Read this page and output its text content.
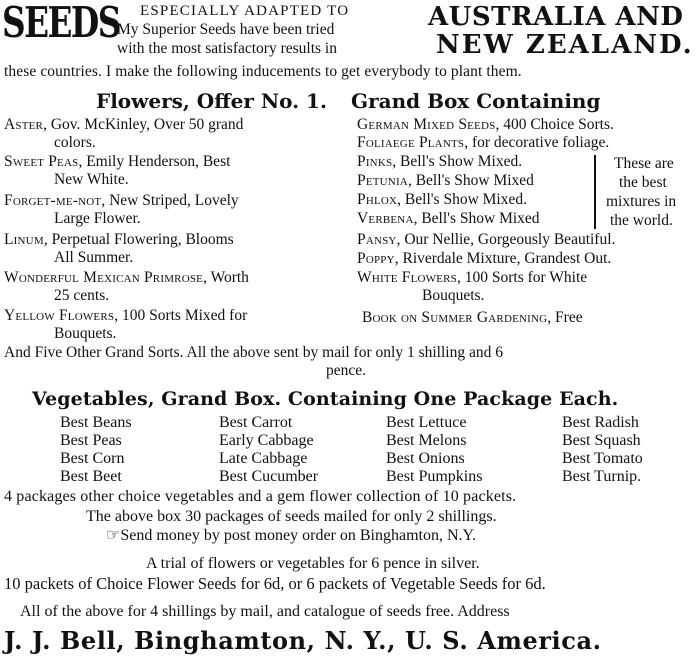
SEEDS ESPECIALLY ADAPTED TO
My Superior Seeds have been tried
with the most satisfactory results in
AUSTRALIA AND
NEW ZEALAND.
these countries. I make the following inducements to get everybody to plant them.
Flowers, Offer No. 1. Grand Box Containing
Aster, Gov. McKinley, Over 50 grand
colors.
Sweet Peas, Emily Henderson, Best
New White.
Forget-me-not, New Striped, Lovely
Large Flower.
Linum, Perpetual Flowering, Blooms
All Summer.
Wonderful Mexican Primrose, Worth
25 cents.
Yellow Flowers, 100 Sorts Mixed for
Bouquets.
German Mixed Seeds, 400 Choice Sorts.
Foliaege Plants, for decorative foliage.
Pinks, Bell's Show Mixed.
Petunia, Bell's Show Mixed
Phlox, Bell's Show Mixed.
Verbena, Bell's Show Mixed
These are
the best
mixtures in
the world.
Pansy, Our Nellie, Gorgeously Beautiful.
Poppy, Riverdale Mixture, Grandest Out.
White Flowers, 100 Sorts for White
Bouquets.
Book on Summer Gardening, Free
And Five Other Grand Sorts. All the above sent by mail for only 1 shilling and 6
pence.
Vegetables, Grand Box. Containing One Package Each.
Best Beans
Best Peas
Best Corn
Best Beet
Best Carrot
Early Cabbage
Late Cabbage
Best Cucumber
Best Lettuce
Best Melons
Best Onions
Best Pumpkins
Best Radish
Best Squash
Best Tomato
Best Turnip.
4 packages other choice vegetables and a gem flower collection of 10 packets.
The above box 30 packages of seeds mailed for only 2 shillings.
☞Send money by post money order on Binghamton, N.Y.
A trial of flowers or vegetables for 6 pence in silver.
10 packets of Choice Flower Seeds for 6d, or 6 packets of Vegetable Seeds for 6d.
All of the above for 4 shillings by mail, and catalogue of seeds free. Address
J. J. Bell, Binghamton, N. Y., U. S. America.
